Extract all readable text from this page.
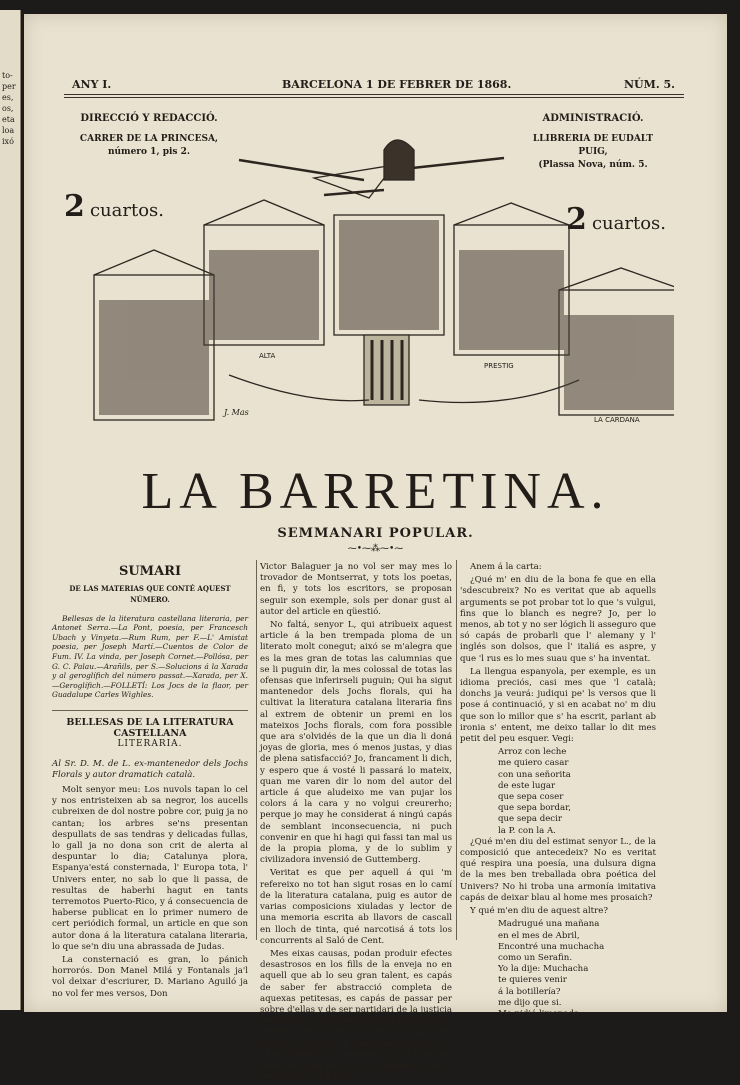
to-
per
es,
os,
eta
loa
ixó
ANY I.	BARCELONA 1 DE FEBRER DE 1868.	NÚM. 5.
DIRECCIÓ Y REDACCIÓ.
CARRER DE LA PRINCESA,
número 1, pis 2.
ADMINISTRACIÓ.
LLIBRERIA DE EUDALT PUIG,
(Plassa Nova, núm. 5.
2 cuartos.	2 cuartos.
ALTA
PRESTIG
LA CARDANA
J. Mas
LA BARRETINA.
SEMMANARI POPULAR.
⁓•⁓⁂⁓•⁓
SUMARI
DE LAS MATERIAS QUE CONTÉ AQUEST NÚMERO.

Bellesas de la literatura castellana literaria, per Antonet Serra.—La Pont, poesia, per Francesch Ubach y Vinyeta.—Rum Rum, per F.—L' Amistat poesia, per Joseph Martí.—Cuentos de Color de Fum. IV. La vinda, per Joseph Cornet.—Pollósa, per G. C. Palau.—Arañils, per S.—Solucions á la Xarada y al geroglífich del número passat.—Xarada, per X.—Geroglífich.—FOLLETÍ: Los Jocs de la flaor, per Guadalupe Carles Wighles.

BELLESAS DE LA LITERATURA CASTELLANA
LITERARIA.

Al Sr. D. M. de L. ex-mantenedor dels Jochs Florals y autor dramatich català.

Molt senyor meu: Los nuvols tapan lo cel y nos entristeixen ab sa negror, los aucells cubreixen de dol nostre pobre cor, puig ja no cantan; los arbres se'ns presentan despullats de sas tendras y delicadas fullas, lo gall ja no dona son crit de alerta al despuntar lo dia; Catalunya plora, Espanya'está consternada, l' Europa tota, l' Univers enter, no sab lo que li passa, de resultas de haberhi hagut en tants terremotos Puerto-Rico, y á consecuencia de haberse publicat en lo primer numero de cert periódich formal, un article en que son autor dona á la literatura catalana literaria, lo que se'n diu una abrassada de Judas.

La consternació es gran, lo pánich horrorós. Don Manel Milá y Fontanals ja'l vol deixar d'escriurer, D. Mariano Aguiló ja no vol fer mes versos, Don

Victor Balaguer ja no vol ser may mes lo trovador de Montserrat, y tots los poetas, en fi, y tots los escritors, se proposan seguir son exemple, sols per donar gust al autor del article en qüestió.

No faltá, senyor L, qui atribueix aquest article á la ben trempada ploma de un literato molt conegut; aixó se m'alegra que es la mes gran de totas las calumnias que se li puguin dir, la mes colossal de totas las ofensas que inferirseli puguin; Qui ha sigut mantenedor dels Jochs florals, qui ha cultivat la literatura catalana literaria fins al extrem de obtenir un premi en los mateixos Jochs florals, com fora possible que ara s'olvidés de la que un dia li doná joyas de gloria, mes ó menos justas, y dias de plena satisfacció? Jo, francament li dich, y espero que á vosté li passará lo mateix, quan me varen dir lo nom del autor del article á que aludeixo me van pujar los colors á la cara y no volgui creurerho; perque jo may he considerat á ningú capás de semblant inconsecuencia, ni puch convenir en que hi hagi qui fassi tan mal us de la propia ploma, y de lo sublim y civilizadora invensió de Guttemberg.

Veritat es que per aquell á qui 'm refereixo no tot han sigut rosas en lo camí de la literatura catalana, puig es autor de varias composicions xiuladas y lector de una memoria escrita ab llavors de cascall en lloch de tinta, qué narcotisá á tots los concurrents al Saló de Cent.

Mes eixas causas, podan produir efectes desastrosos en los fills de la enveja no en aquell que ab lo seu gran talent, es capás de saber fer abstracció completa de aquexas petitesas, es capás de passar per sobre d'ellas y de ser partidari de la justicia ben entesa. Per ço repeteixo jo no he volgut creurer que l'aludit fos l'autor de la carta dirigida al docte y magistral critich don Lluís Carreras, á n'aquest critich tant mal aguanyat, que te totas las cualitats de tal... menos las que li faltan.

Anem á la carta:

¿Qué m' en diu de la bona fe que en ella 'sdescubreix? No es veritat que ab aquells arguments se pot probar tot lo que 's vulgui, fins que lo blanch es negre? Jo, per lo menos, ab tot y no ser lógich li asseguro que só capás de probarli que l' alemany y l' inglés son dolsos, que l' italiá es aspre, y que 'l rus es lo mes suau que s' ha inventat.

La llengua espanyola, per exemple, es un idioma preciós, casi mes que 'l català; donchs ja veurá: judiqui pe' ls versos que li pose á continuació, y si en acabat no' m diu que son lo millor que s' ha escrit, parlant ab ironia s' entent, me deixo tallar lo dit mes petit del peu esquer. Vegi:

Arroz con leche
me quiero casar
con una señorita
de este lugar
que sepa coser
que sepa bordar,
que sepa decir
la P. con la A.

¿Qué m'en diu del estimat senyor L., de la composició que antecedeix? No es veritat qué respira una poesía, una dulsura digna de la mes ben treballada obra poética del Univers? No hi troba una armonía imitativa capás de deixar blau al home mes prosaich?

Y qué m'en diu de aquest altre?

Madrugué una mañana
en el mes de Abril,
Encontré una muchacha
como un Serafin.
Yo la dije: Muchacha
te quieres venir
á la botillería?
me dijo que si.
Me pidió limonada
